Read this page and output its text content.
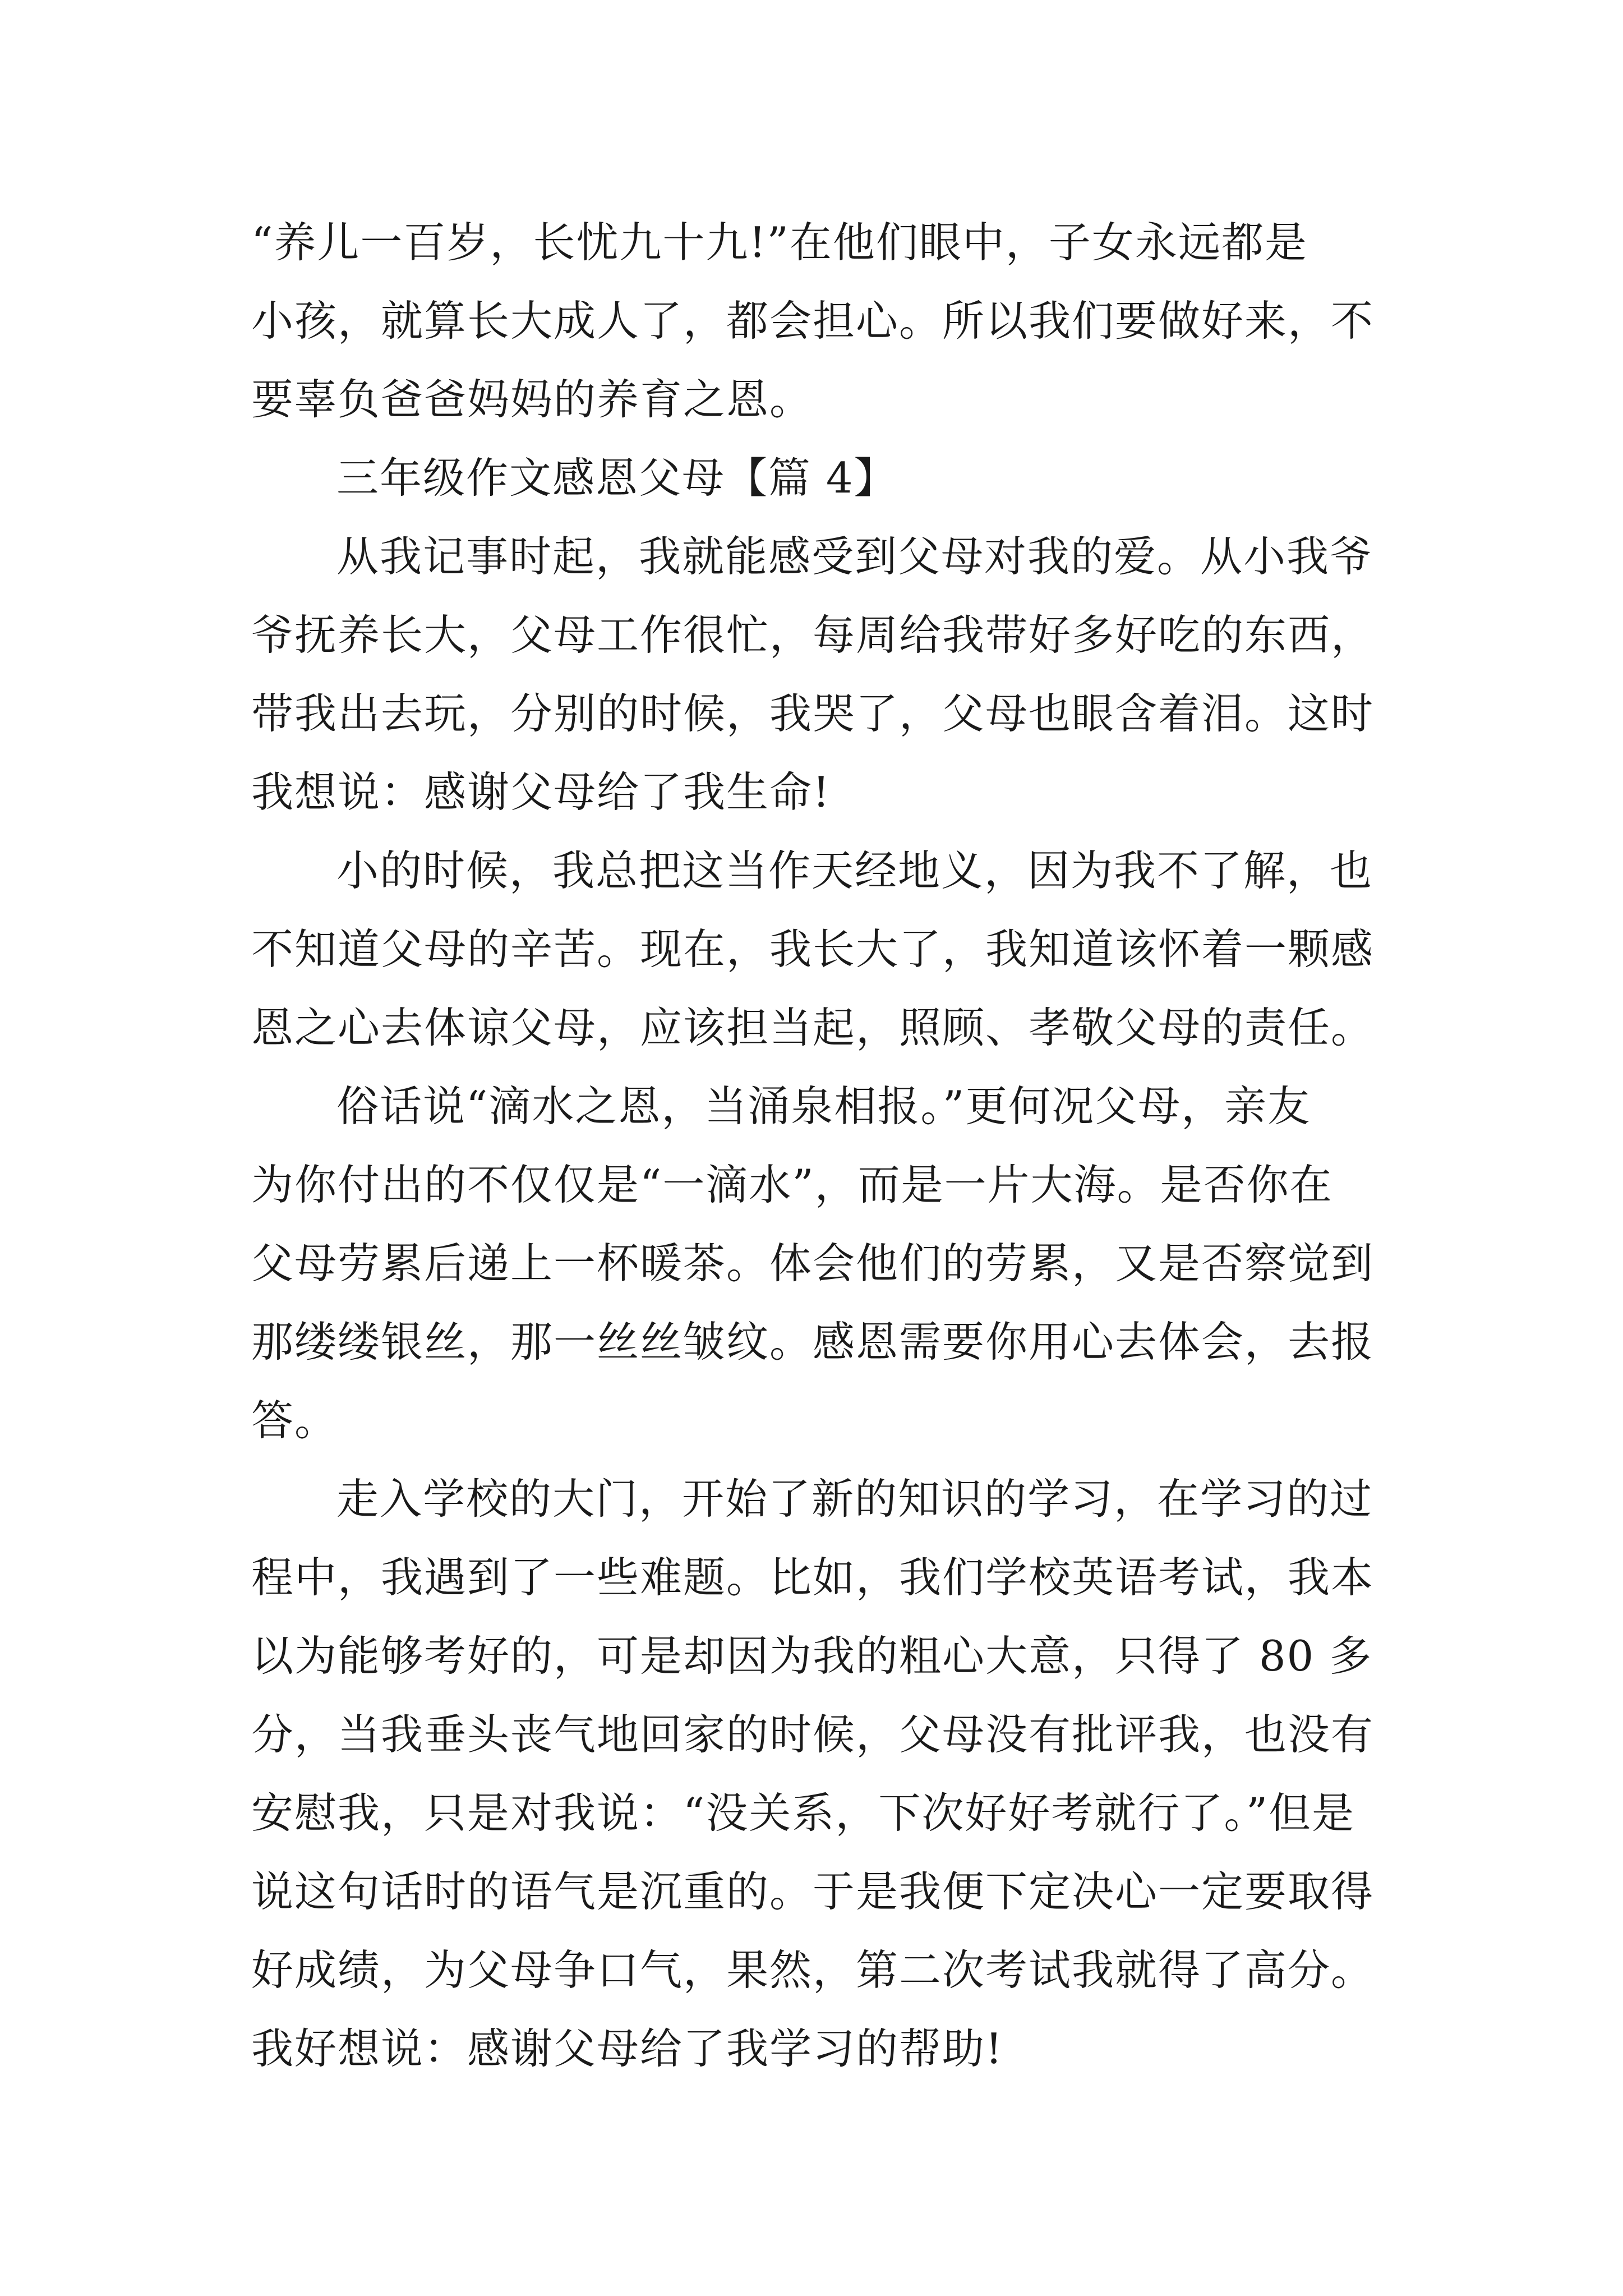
“养儿一百岁，长忧九十九!”在他们眼中，子女永远都是
小孩，就算长大成人了，都会担心。所以我们要做好来，不
要辜负爸爸妈妈的养育之恩。
三年级作文感恩父母【篇 4】
从我记事时起，我就能感受到父母对我的爱。从小我爷
爷抚养长大，父母工作很忙，每周给我带好多好吃的东西，
带我出去玩，分别的时候，我哭了，父母也眼含着泪。这时
我想说：感谢父母给了我生命!
小的时候，我总把这当作天经地义，因为我不了解，也
不知道父母的辛苦。现在，我长大了，我知道该怀着一颗感
恩之心去体谅父母，应该担当起，照顾、孝敬父母的责任。
俗话说“滴水之恩，当涌泉相报。”更何况父母，亲友
为你付出的不仅仅是“一滴水”，而是一片大海。是否你在
父母劳累后递上一杯暖茶。体会他们的劳累，又是否察觉到
那缕缕银丝，那一丝丝皱纹。感恩需要你用心去体会，去报
答。
走入学校的大门，开始了新的知识的学习，在学习的过
程中，我遇到了一些难题。比如，我们学校英语考试，我本
以为能够考好的，可是却因为我的粗心大意，只得了 80 多
分，当我垂头丧气地回家的时候，父母没有批评我，也没有
安慰我，只是对我说：“没关系，下次好好考就行了。”但是
说这句话时的语气是沉重的。于是我便下定决心一定要取得
好成绩，为父母争口气，果然，第二次考试我就得了高分。
我好想说：感谢父母给了我学习的帮助!
